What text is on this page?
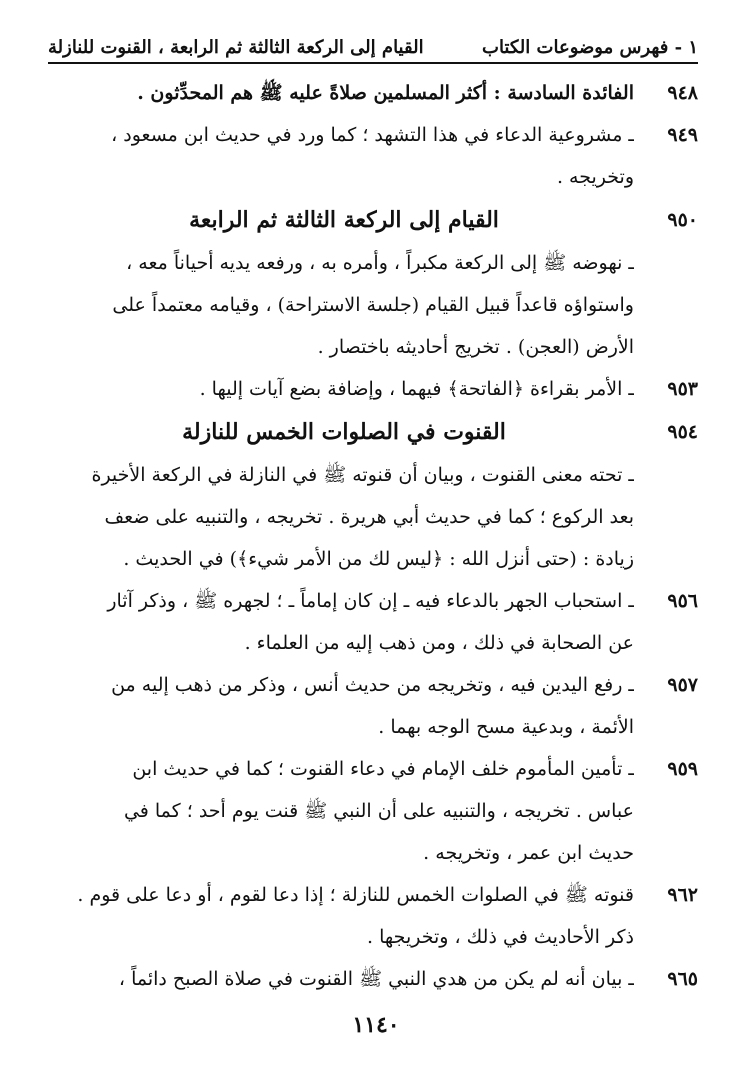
١ - فهرس موضوعات الكتاب
القيام إلى الركعة الثالثة ثم الرابعة ، القنوت للنازلة
٩٤٨
الفائدة السادسة : أكثر المسلمين صلاةً عليه ﷺ هم المحدِّثون .
٩٤٩
ـ مشروعية الدعاء في هذا التشهد ؛ كما ورد في حديث ابن مسعود ،
وتخريجه .
٩٥٠
القيام إلى الركعة الثالثة ثم الرابعة
ـ نهوضه ﷺ إلى الركعة مكبراً ، وأمره به ، ورفعه يديه أحياناً معه ،
واستواؤه قاعداً قبيل القيام (جلسة الاستراحة) ، وقيامه معتمداً على
الأرض (العجن) . تخريج أحاديثه باختصار .
٩٥٣
ـ الأمر بقراءة ﴿الفاتحة﴾ فيهما ، وإضافة بضع آيات إليها .
٩٥٤
القنوت في الصلوات الخمس للنازلة
ـ تحته معنى القنوت ، وبيان أن قنوته ﷺ في النازلة في الركعة الأخيرة
بعد الركوع ؛ كما في حديث أبي هريرة . تخريجه ، والتنبيه على ضعف
زيادة : (حتى أنزل الله : ﴿ليس لك من الأمر شيء﴾) في الحديث .
٩٥٦
ـ استحباب الجهر بالدعاء فيه ـ إن كان إماماً ـ ؛ لجهره ﷺ ، وذكر آثار
عن الصحابة في ذلك ، ومن ذهب إليه من العلماء .
٩٥٧
ـ رفع اليدين فيه ، وتخريجه من حديث أنس ، وذكر من ذهب إليه من
الأئمة ، وبدعية مسح الوجه بهما .
٩٥٩
ـ تأمين المأموم خلف الإمام في دعاء القنوت ؛ كما في حديث ابن
عباس . تخريجه ، والتنبيه على أن النبي ﷺ قنت يوم أحد ؛ كما في
حديث ابن عمر ، وتخريجه .
٩٦٢
قنوته ﷺ في الصلوات الخمس للنازلة ؛ إذا دعا لقوم ، أو دعا على قوم .
ذكر الأحاديث في ذلك ، وتخريجها .
٩٦٥
ـ بيان أنه لم يكن من هدي النبي ﷺ القنوت في صلاة الصبح دائماً ،
١١٤٠
